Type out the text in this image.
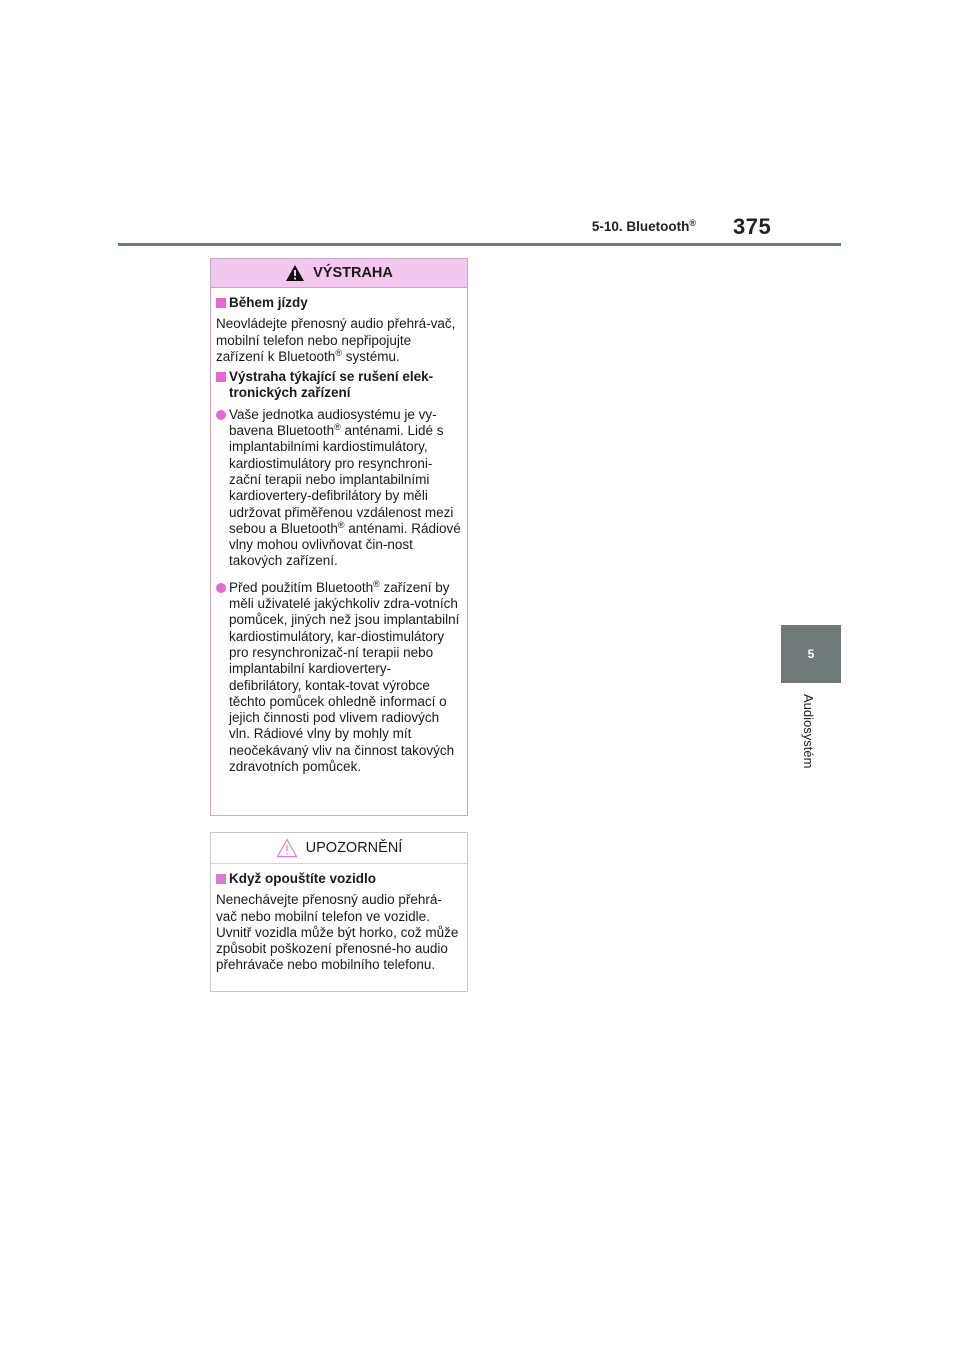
5-10. Bluetooth® 375
5
Audiosystém
VÝSTRAHA
Během jízdy

Neovládejte přenosný audio přehrá-vač, mobilní telefon nebo nepřipojujte zařízení k Bluetooth® systému.

Výstraha týkající se rušení elek-tronických zařízení
Vaše jednotka audiosystému je vy-bavena Bluetooth® anténami. Lidé s implantabilními kardiostimulátory, kardiostimulátory pro resynchroni-zační terapii nebo implantabilními kardiovertery-defibrilátory by měli udržovat přiměřenou vzdálenost mezi sebou a Bluetooth® anténami. Rádiové vlny mohou ovlivňovat čin-nost takových zařízení.
Před použitím Bluetooth® zařízení by měli uživatelé jakýchkoliv zdra-votních pomůcek, jiných než jsou implantabilní kardiostimulátory, kar-diostimulátory pro resynchronizač-ní terapii nebo implantabilní kardiovertery-defibrilátory, kontak-tovat výrobce těchto pomůcek ohledně informací o jejich činnosti pod vlivem radiových vln. Rádiové vlny by mohly mít neočekávaný vliv na činnost takových zdravotních pomůcek.
UPOZORNĚNÍ
Když opouštíte vozidlo

Nenechávejte přenosný audio přehrá-vač nebo mobilní telefon ve vozidle. Uvnitř vozidla může být horko, což může způsobit poškození přenosné-ho audio přehrávače nebo mobilního telefonu.
